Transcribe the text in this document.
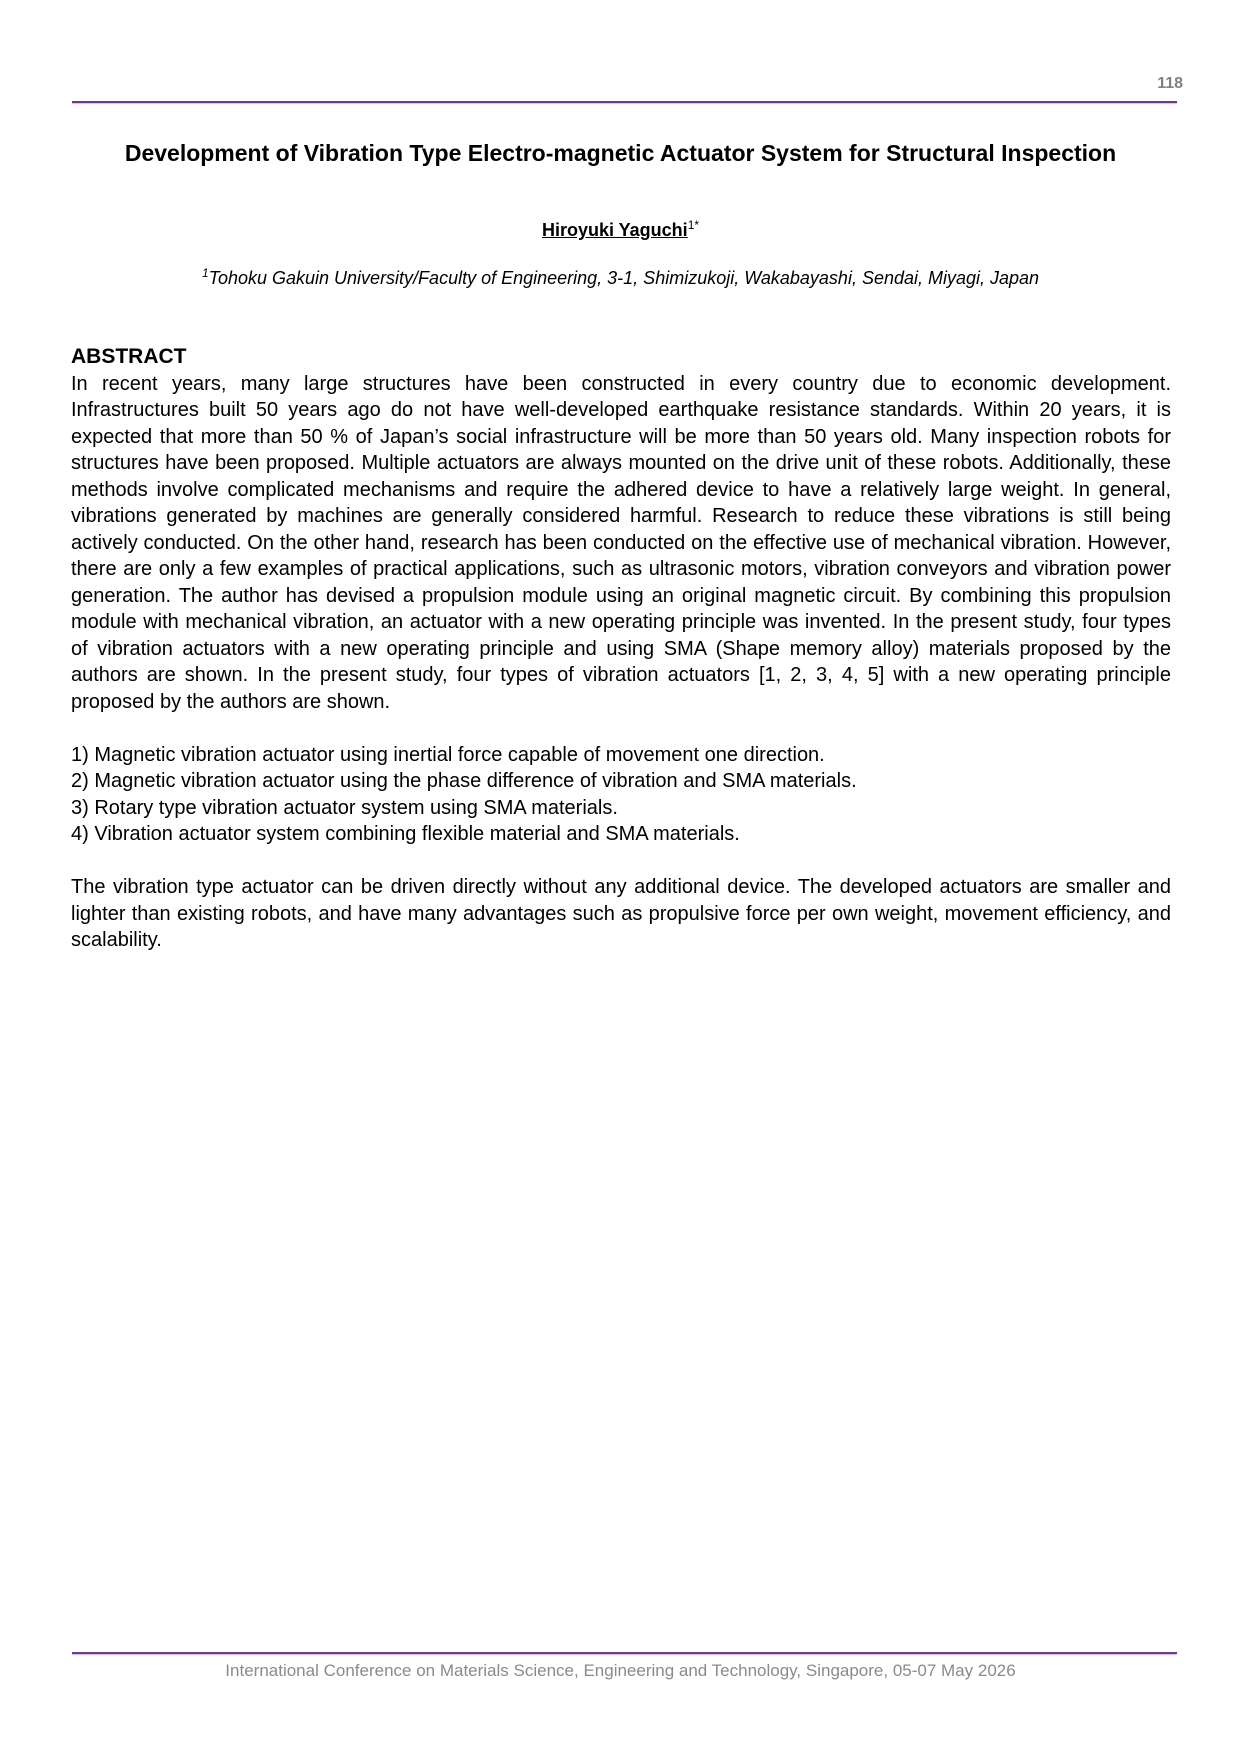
118
Development of Vibration Type Electro-magnetic Actuator System for Structural Inspection
Hiroyuki Yaguchi$^{1*}$
$^1$Tohoku Gakuin University/Faculty of Engineering, 3-1, Shimizukoji, Wakabayashi, Sendai, Miyagi, Japan
ABSTRACT

In recent years, many large structures have been constructed in every country due to economic development. Infrastructures built 50 years ago do not have well-developed earthquake resistance standards. Within 20 years, it is expected that more than 50 % of Japan’s social infrastructure will be more than 50 years old. Many inspection robots for structures have been proposed. Multiple actuators are always mounted on the drive unit of these robots. Additionally, these methods involve complicated mechanisms and require the adhered device to have a relatively large weight. In general, vibrations generated by machines are generally considered harmful. Research to reduce these vibrations is still being actively conducted. On the other hand, research has been conducted on the effective use of mechanical vibration. However, there are only a few examples of practical applications, such as ultrasonic motors, vibration conveyors and vibration power generation. The author has devised a propulsion module using an original magnetic circuit. By combining this propulsion module with mechanical vibration, an actuator with a new operating principle was invented. In the present study, four types of vibration actuators with a new operating principle and using SMA (Shape memory alloy) materials proposed by the authors are shown. In the present study, four types of vibration actuators [1, 2, 3, 4, 5] with a new operating principle proposed by the authors are shown.

1) Magnetic vibration actuator using inertial force capable of movement one direction.

2) Magnetic vibration actuator using the phase difference of vibration and SMA materials.

3) Rotary type vibration actuator system using SMA materials.

4) Vibration actuator system combining flexible material and SMA materials.

The vibration type actuator can be driven directly without any additional device. The developed actuators are smaller and lighter than existing robots, and have many advantages such as propulsive force per own weight, movement efficiency, and scalability.

International Conference on Materials Science, Engineering and Technology, Singapore, 05-07 May 2026
